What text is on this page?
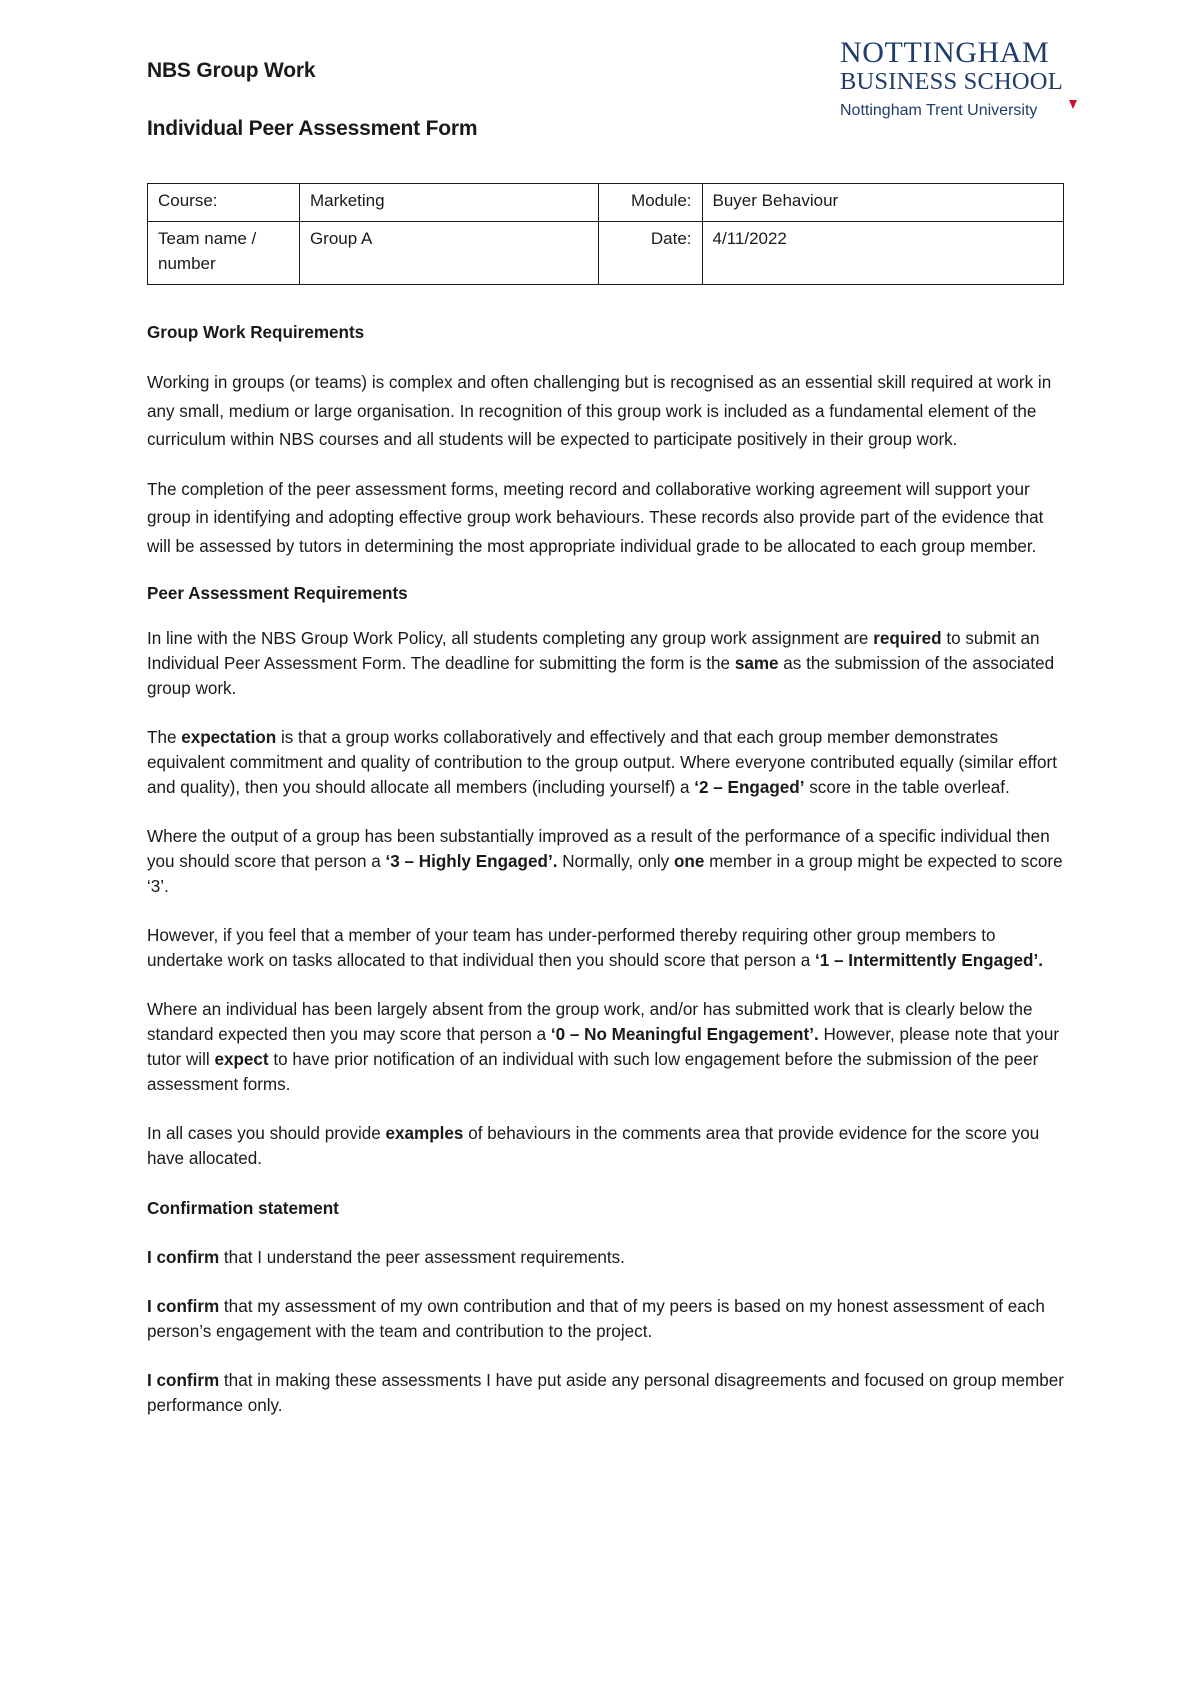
NBS Group Work
Individual Peer Assessment Form
NOTTINGHAM
BUSINESS SCHOOL
Nottingham Trent University
Course:	Marketing	Module:	Buyer Behaviour
Team name / number	Group A	Date:	4/11/2022

Group Work Requirements

Working in groups (or teams) is complex and often challenging but is recognised as an essential skill required at work in any small, medium or large organisation. In recognition of this group work is included as a fundamental element of the curriculum within NBS courses and all students will be expected to participate positively in their group work.

The completion of the peer assessment forms, meeting record and collaborative working agreement will support your group in identifying and adopting effective group work behaviours. These records also provide part of the evidence that will be assessed by tutors in determining the most appropriate individual grade to be allocated to each group member.

Peer Assessment Requirements

In line with the NBS Group Work Policy, all students completing any group work assignment are required to submit an Individual Peer Assessment Form. The deadline for submitting the form is the same as the submission of the associated group work.

The expectation is that a group works collaboratively and effectively and that each group member demonstrates equivalent commitment and quality of contribution to the group output. Where everyone contributed equally (similar effort and quality), then you should allocate all members (including yourself) a ‘2 – Engaged’ score in the table overleaf.

Where the output of a group has been substantially improved as a result of the performance of a specific individual then you should score that person a ‘3 – Highly Engaged’. Normally, only one member in a group might be expected to score ‘3’.

However, if you feel that a member of your team has under-performed thereby requiring other group members to undertake work on tasks allocated to that individual then you should score that person a ‘1 – Intermittently Engaged’.

Where an individual has been largely absent from the group work, and/or has submitted work that is clearly below the standard expected then you may score that person a ‘0 – No Meaningful Engagement’. However, please note that your tutor will expect to have prior notification of an individual with such low engagement before the submission of the peer assessment forms.

In all cases you should provide examples of behaviours in the comments area that provide evidence for the score you have allocated.

Confirmation statement

I confirm that I understand the peer assessment requirements.

I confirm that my assessment of my own contribution and that of my peers is based on my honest assessment of each person’s engagement with the team and contribution to the project.

I confirm that in making these assessments I have put aside any personal disagreements and focused on group member performance only.
